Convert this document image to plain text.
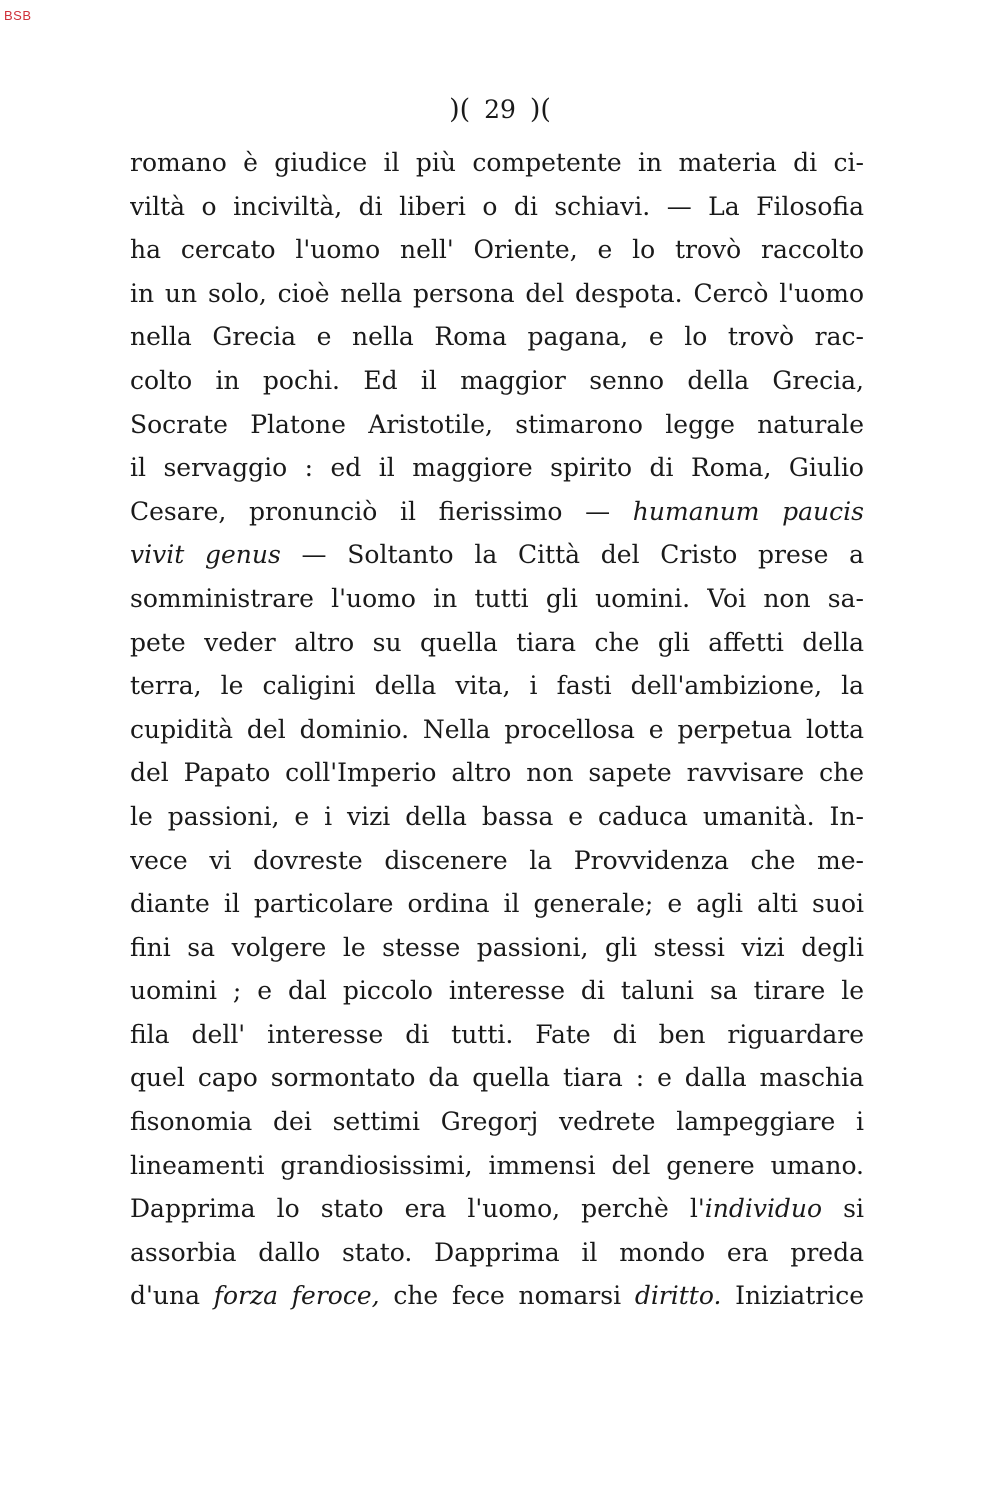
BSB
)( 29 )(
romano è giudice il più competente in materia di ci-
viltà o inciviltà, di liberi o di schiavi. — La Filosofia
ha cercato l'uomo nell' Oriente, e lo trovò raccolto
in un solo, cioè nella persona del despota. Cercò l'uomo
nella Grecia e nella Roma pagana, e lo trovò rac-
colto in pochi. Ed il maggior senno della Grecia,
Socrate Platone Aristotile, stimarono legge naturale
il servaggio : ed il maggiore spirito di Roma, Giulio
Cesare, pronunciò il fierissimo — humanum paucis
vivit genus — Soltanto la Città del Cristo prese a
somministrare l'uomo in tutti gli uomini. Voi non sa-
pete veder altro su quella tiara che gli affetti della
terra, le caligini della vita, i fasti dell'ambizione, la
cupidità del dominio. Nella procellosa e perpetua lotta
del Papato coll'Imperio altro non sapete ravvisare che
le passioni, e i vizi della bassa e caduca umanità. In-
vece vi dovreste discenere la Provvidenza che me-
diante il particolare ordina il generale; e agli alti suoi
fini sa volgere le stesse passioni, gli stessi vizi degli
uomini ; e dal piccolo interesse di taluni sa tirare le
fila dell' interesse di tutti. Fate di ben riguardare
quel capo sormontato da quella tiara : e dalla maschia
fisonomia dei settimi Gregorj vedrete lampeggiare i
lineamenti grandiosissimi, immensi del genere umano.
Dapprima lo stato era l'uomo, perchè l'individuo si
assorbia dallo stato. Dapprima il mondo era preda
d'una forza feroce, che fece nomarsi diritto. Iniziatrice
